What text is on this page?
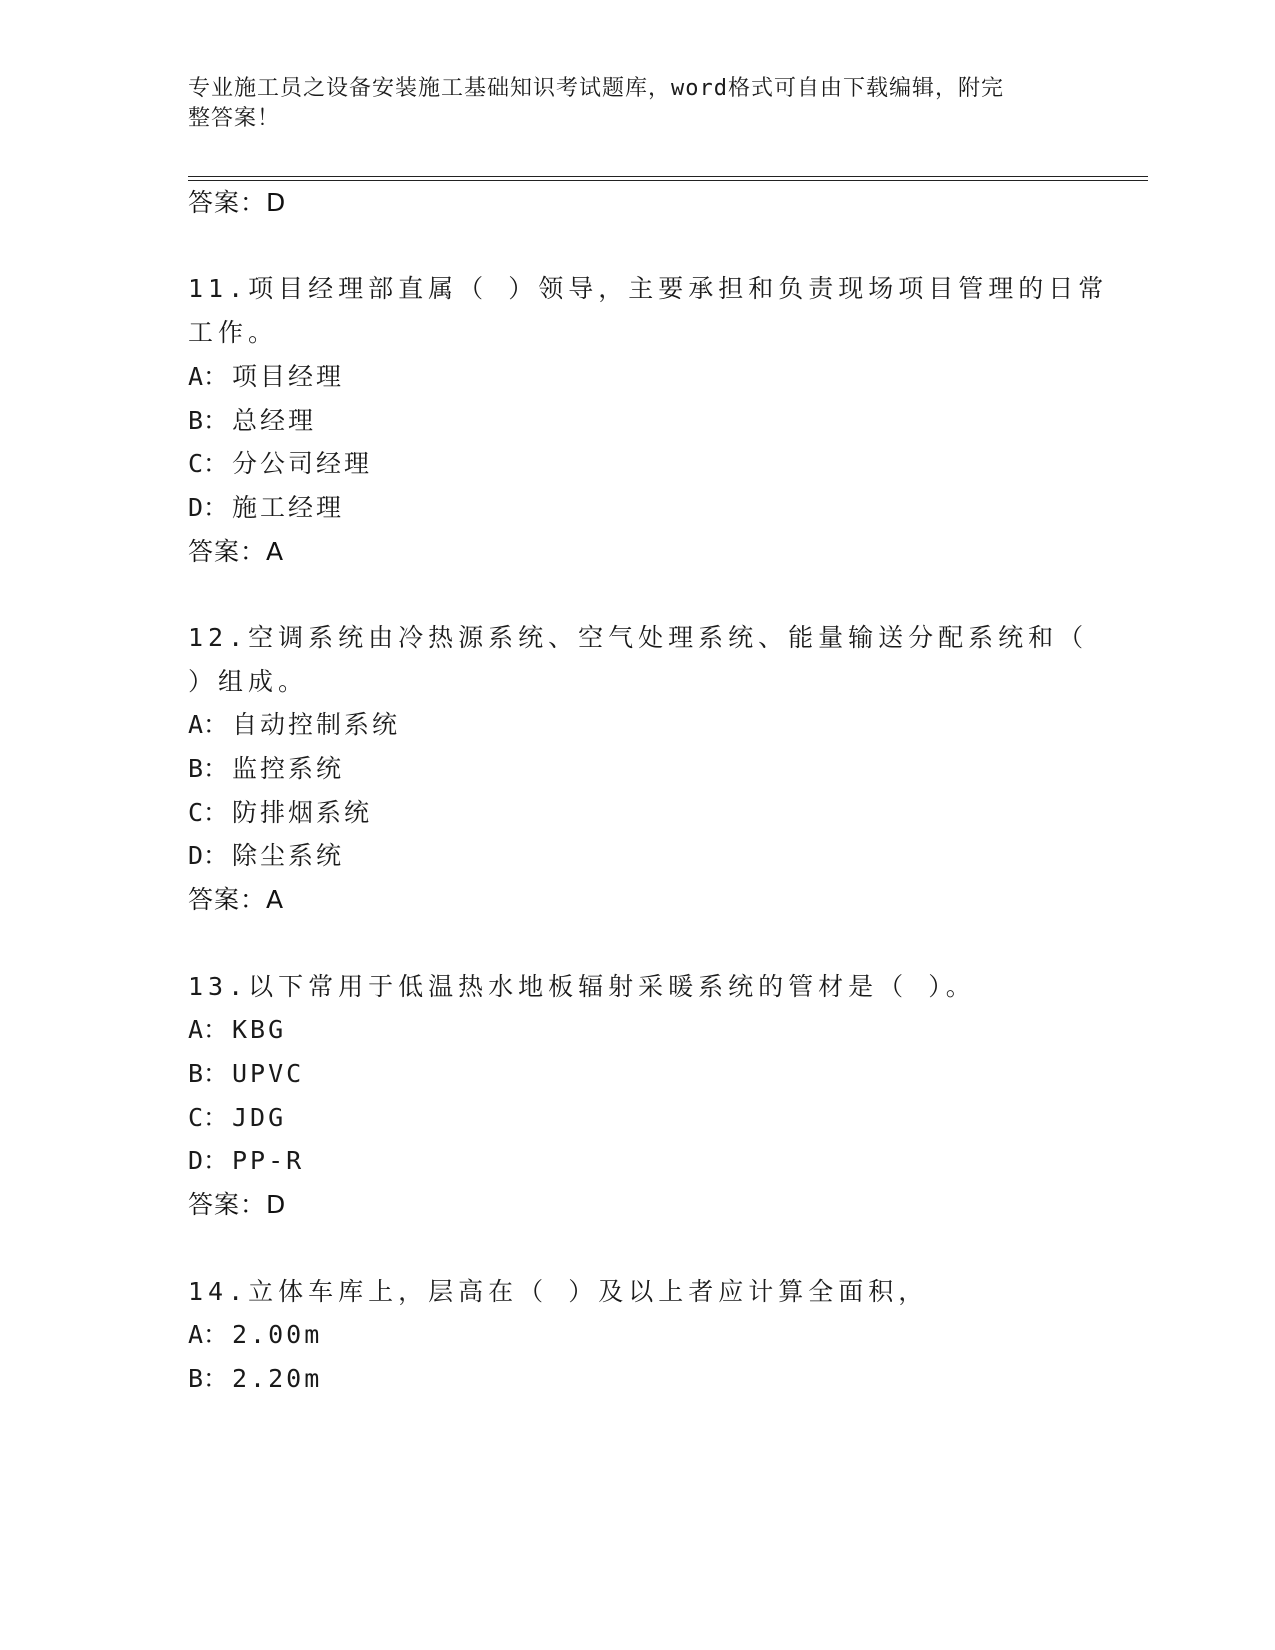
专业施工员之设备安装施工基础知识考试题库，word格式可自由下载编辑，附完
整答案！
答案：D
11.项目经理部直属（ ）领导，主要承担和负责现场项目管理的日常
工作。
A： 项目经理
B： 总经理
C： 分公司经理
D： 施工经理
答案：A
12.空调系统由冷热源系统、空气处理系统、能量输送分配系统和（
）组成。
A： 自动控制系统
B： 监控系统
C： 防排烟系统
D： 除尘系统
答案：A
13.以下常用于低温热水地板辐射采暖系统的管材是（ ）。
A： KBG
B： UPVC
C： JDG
D： PP-R
答案：D
14.立体车库上，层高在（ ）及以上者应计算全面积，
A： 2.00m
B： 2.20m
